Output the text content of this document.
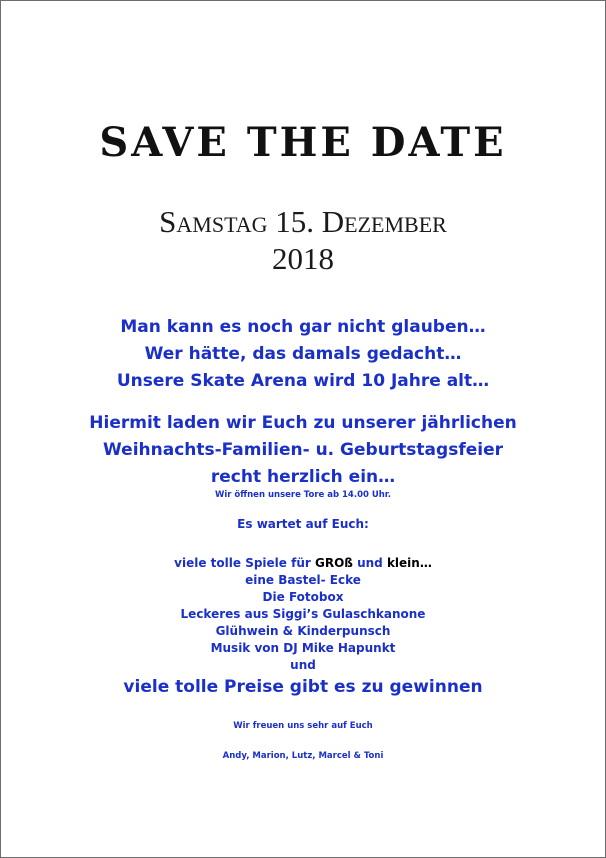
SAVE THE DATE
Samstag 15. Dezember
2018
Man kann es noch gar nicht glauben…
Wer hätte, das damals gedacht…
Unsere Skate Arena wird 10 Jahre alt…
Hiermit laden wir Euch zu unserer jährlichen
Weihnachts-Familien- u. Geburtstagsfeier
recht herzlich ein…
Wir öffnen unsere Tore ab 14.00 Uhr.
Es wartet auf Euch:
viele tolle Spiele für GROß und klein…
eine Bastel- Ecke
Die Fotobox
Leckeres aus Siggi’s Gulaschkanone
Glühwein & Kinderpunsch
Musik von DJ Mike Hapunkt
und
viele tolle Preise gibt es zu gewinnen
Wir freuen uns sehr auf Euch
Andy, Marion, Lutz, Marcel & Toni
